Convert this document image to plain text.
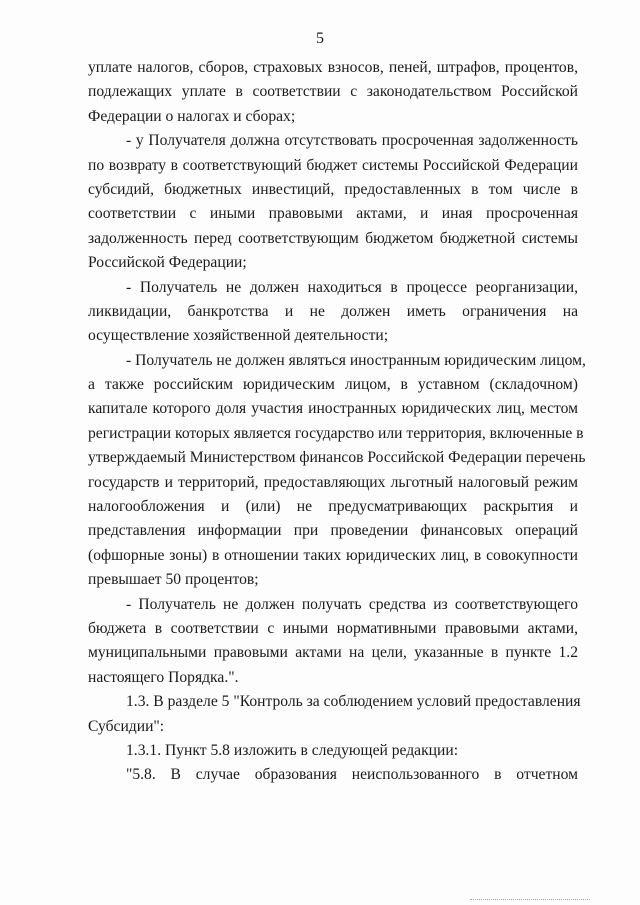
5
уплате налогов, сборов, страховых взносов, пеней, штрафов, процентов,
подлежащих уплате в соответствии с законодательством Российской
Федерации о налогах и сборах;
- у Получателя должна отсутствовать просроченная задолженность
по возврату в соответствующий бюджет системы Российской Федерации
субсидий, бюджетных инвестиций, предоставленных в том числе в
соответствии с иными правовыми актами, и иная просроченная
задолженность перед соответствующим бюджетом бюджетной системы
Российской Федерации;
- Получатель не должен находиться в процессе реорганизации,
ликвидации, банкротства и не должен иметь ограничения на
осуществление хозяйственной деятельности;
- Получатель не должен являться иностранным юридическим лицом,
а также российским юридическим лицом, в уставном (складочном)
капитале которого доля участия иностранных юридических лиц, местом
регистрации которых является государство или территория, включенные в
утверждаемый Министерством финансов Российской Федерации перечень
государств и территорий, предоставляющих льготный налоговый режим
налогообложения и (или) не предусматривающих раскрытия и
представления информации при проведении финансовых операций
(офшорные зоны) в отношении таких юридических лиц, в совокупности
превышает 50 процентов;
- Получатель не должен получать средства из соответствующего
бюджета в соответствии с иными нормативными правовыми актами,
муниципальными правовыми актами на цели, указанные в пункте 1.2
настоящего Порядка.".
1.3. В разделе 5 "Контроль за соблюдением условий предоставления
Субсидии":
1.3.1. Пункт 5.8 изложить в следующей редакции:
"5.8. В случае образования неиспользованного в отчетном
